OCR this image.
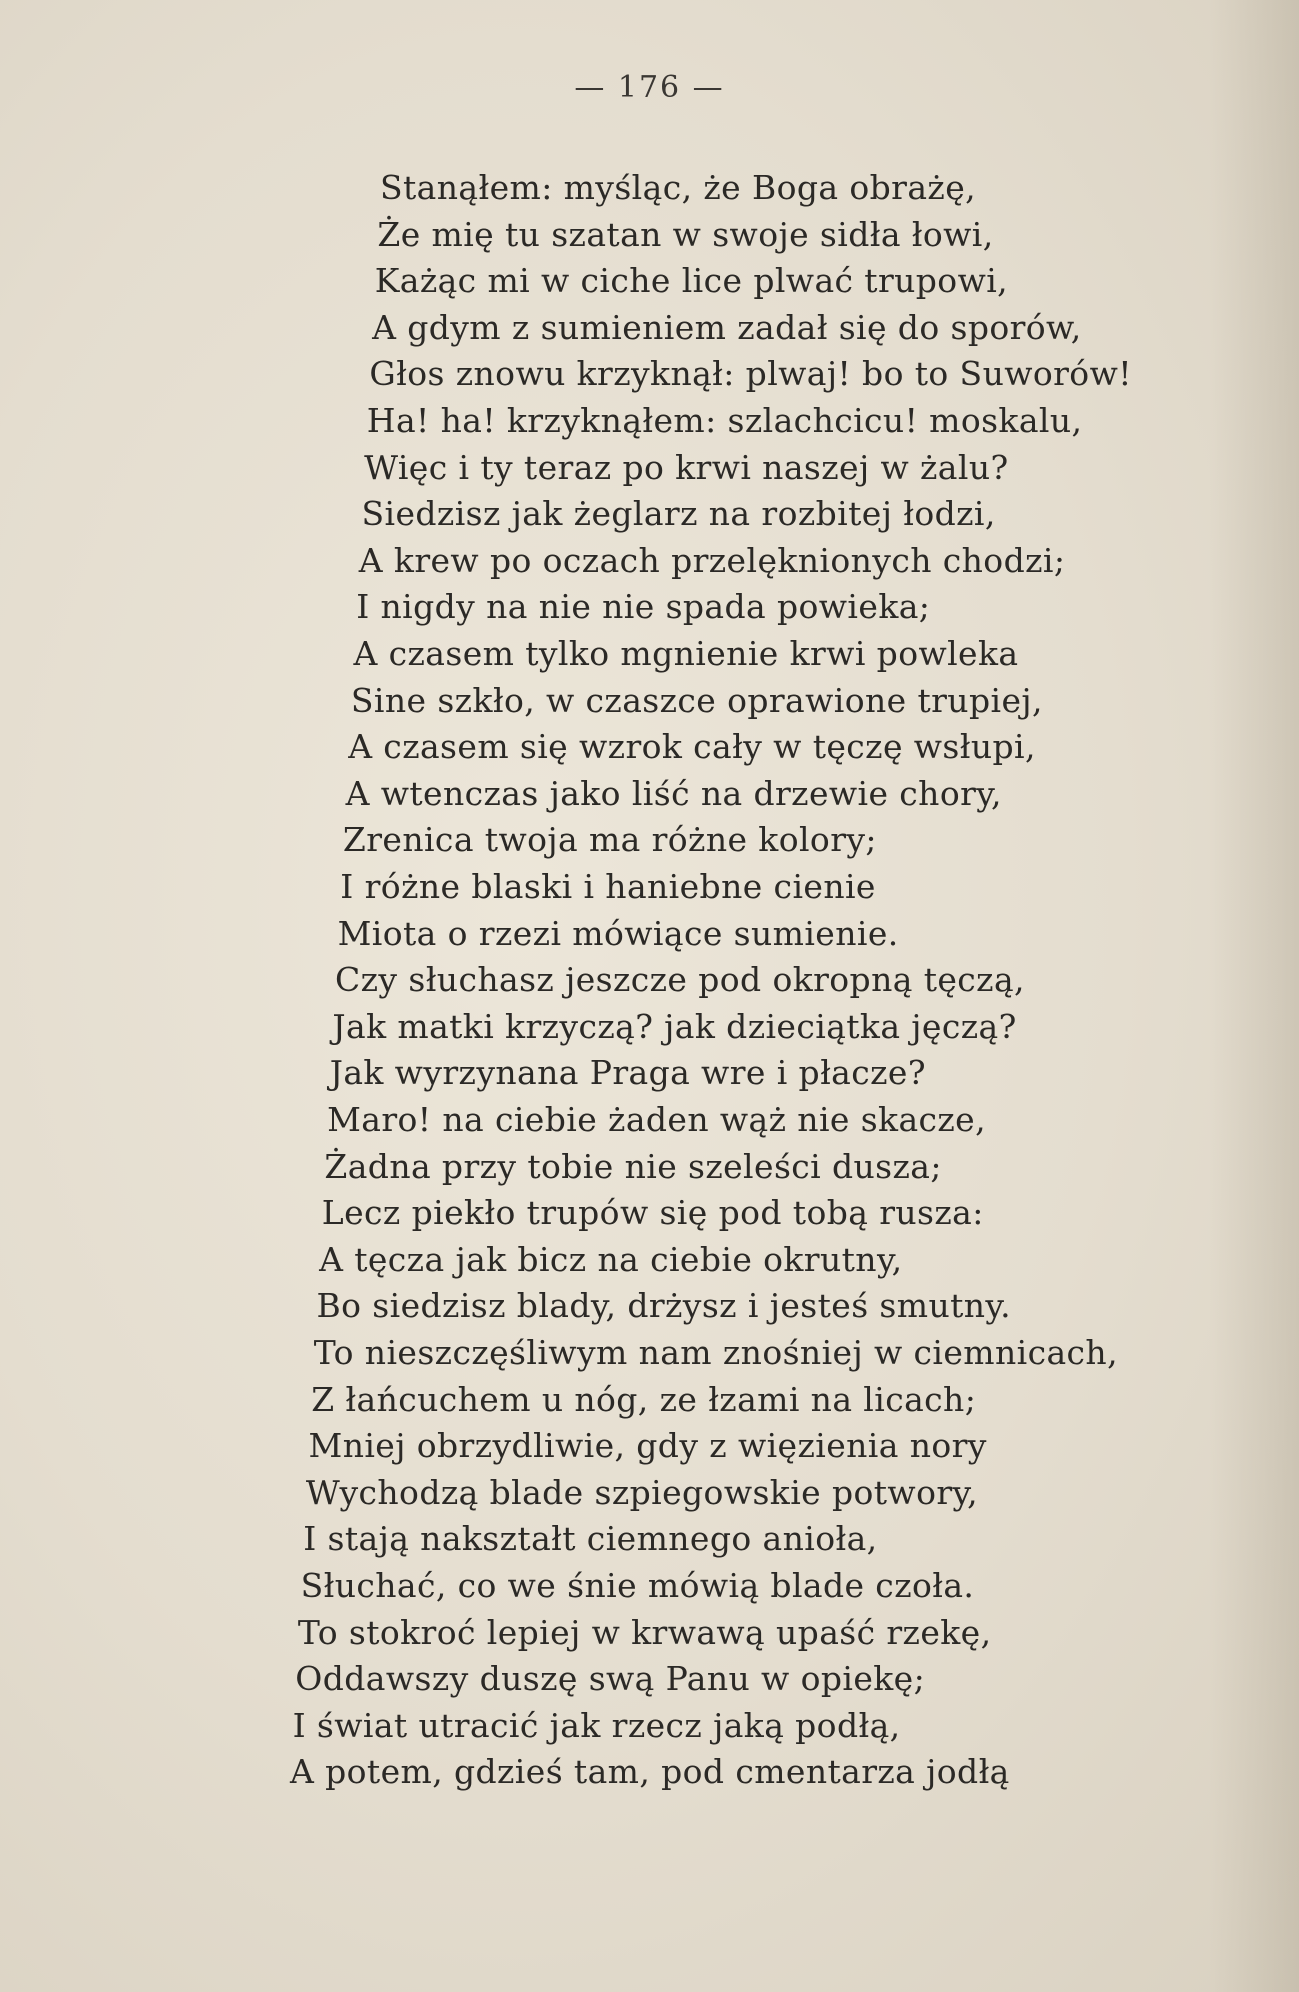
— 176 —
Stanąłem: myśląc, że Boga obrażę,
Że mię tu szatan w swoje sidła łowi,
Każąc mi w ciche lice plwać trupowi,
A gdym z sumieniem zadał się do sporów,
Głos znowu krzyknął: plwaj! bo to Suworów!
Ha! ha! krzyknąłem: szlachcicu! moskalu,
Więc i ty teraz po krwi naszej w żalu?
Siedzisz jak żeglarz na rozbitej łodzi,
A krew po oczach przelęknionych chodzi;
I nigdy na nie nie spada powieka;
A czasem tylko mgnienie krwi powleka
Sine szkło, w czaszce oprawione trupiej,
A czasem się wzrok cały w tęczę wsłupi,
A wtenczas jako liść na drzewie chory,
Zrenica twoja ma różne kolory;
I różne blaski i haniebne cienie
Miota o rzezi mówiące sumienie.
Czy słuchasz jeszcze pod okropną tęczą,
Jak matki krzyczą? jak dzieciątka jęczą?
Jak wyrzynana Praga wre i płacze?
Maro! na ciebie żaden wąż nie skacze,
Żadna przy tobie nie szeleści dusza;
Lecz piekło trupów się pod tobą rusza:
A tęcza jak bicz na ciebie okrutny,
Bo siedzisz blady, drżysz i jesteś smutny.
To nieszczęśliwym nam znośniej w ciemnicach,
Z łańcuchem u nóg, ze łzami na licach;
Mniej obrzydliwie, gdy z więzienia nory
Wychodzą blade szpiegowskie potwory,
I stają nakształt ciemnego anioła,
Słuchać, co we śnie mówią blade czoła.
To stokroć lepiej w krwawą upaść rzekę,
Oddawszy duszę swą Panu w opiekę;
I świat utracić jak rzecz jaką podłą,
A potem, gdzieś tam, pod cmentarza jodłą
